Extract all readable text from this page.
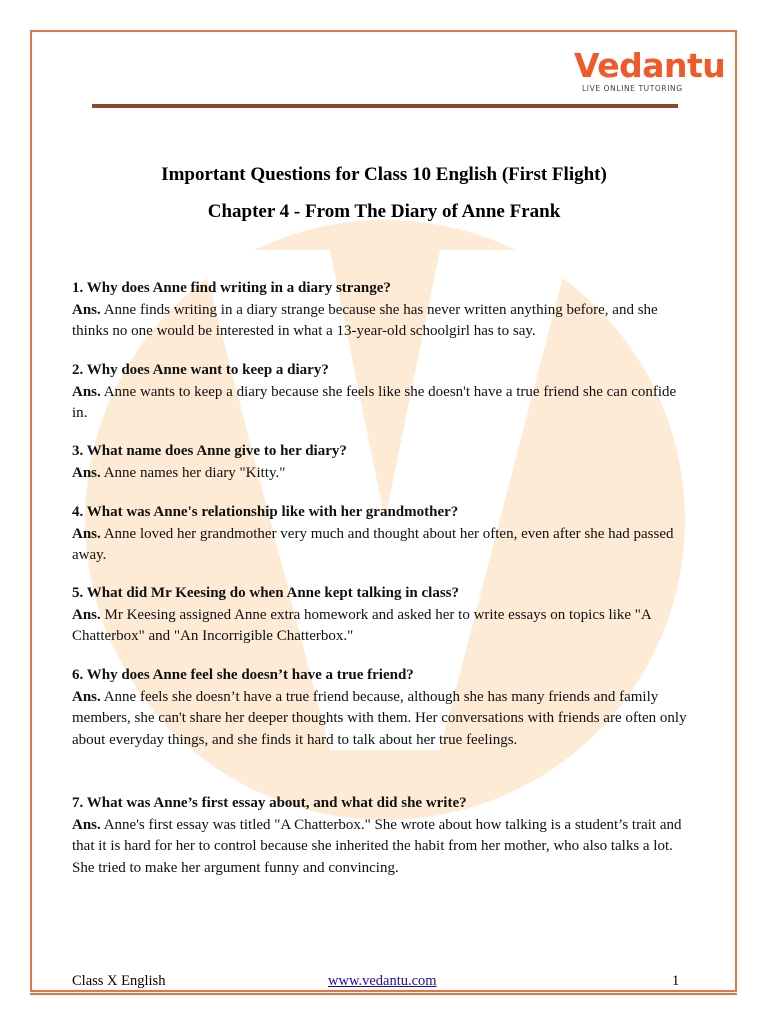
Vedantu
LIVE ONLINE TUTORING
Important Questions for Class 10 English (First Flight)
Chapter 4 - From The Diary of Anne Frank

1. Why does Anne find writing in a diary strange?

Ans. Anne finds writing in a diary strange because she has never written anything before, and she thinks no one would be interested in what a 13-year-old schoolgirl has to say.

2. Why does Anne want to keep a diary?

Ans. Anne wants to keep a diary because she feels like she doesn't have a true friend she can confide in.

3. What name does Anne give to her diary?

Ans. Anne names her diary "Kitty."

4. What was Anne's relationship like with her grandmother?

Ans. Anne loved her grandmother very much and thought about her often, even after she had passed away.

5. What did Mr Keesing do when Anne kept talking in class?

Ans. Mr Keesing assigned Anne extra homework and asked her to write essays on topics like "A Chatterbox" and "An Incorrigible Chatterbox."

6. Why does Anne feel she doesn’t have a true friend?

Ans. Anne feels she doesn’t have a true friend because, although she has many friends and family members, she can't share her deeper thoughts with them. Her conversations with friends are often only about everyday things, and she finds it hard to talk about her true feelings.

7. What was Anne’s first essay about, and what did she write?

Ans. Anne's first essay was titled "A Chatterbox." She wrote about how talking is a student’s trait and that it is hard for her to control because she inherited the habit from her mother, who also talks a lot. She tried to make her argument funny and convincing.

Class X English	www.vedantu.com	1
